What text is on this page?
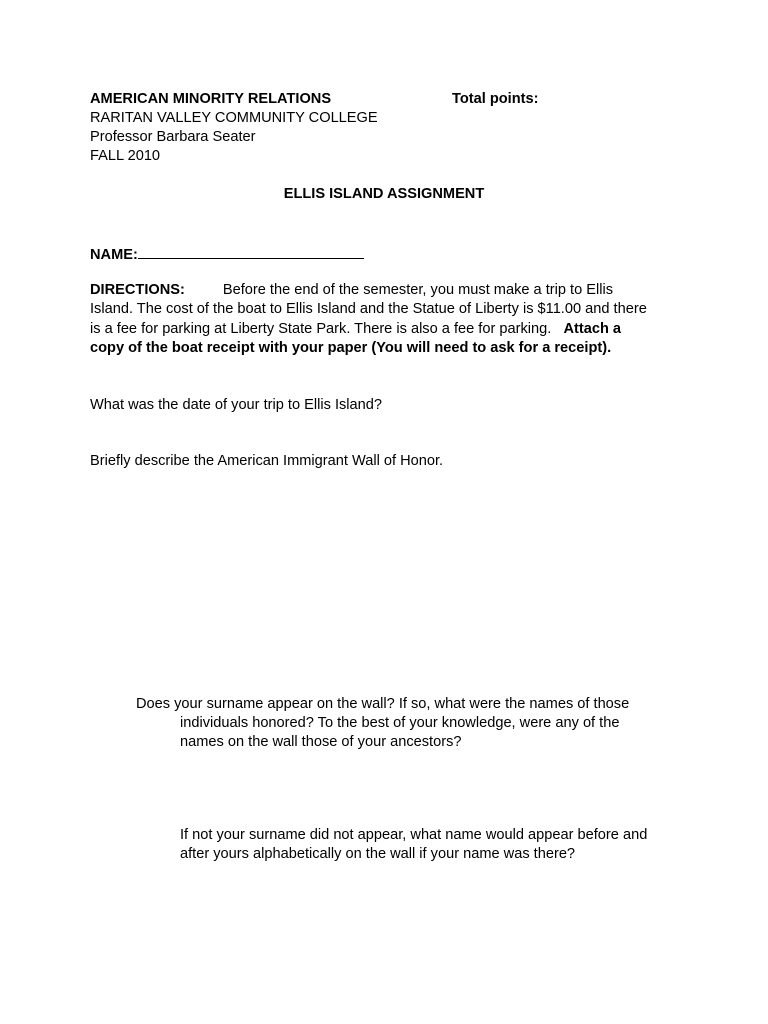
AMERICAN MINORITY RELATIONS	Total points:
RARITAN VALLEY COMMUNITY COLLEGE
Professor Barbara Seater
FALL 2010
ELLIS ISLAND ASSIGNMENT
NAME:
DIRECTIONS:	Before the end of the semester, you must make a trip to Ellis
Island. The cost of the boat to Ellis Island and the Statue of Liberty is $11.00 and there
is a fee for parking at Liberty State Park. There is also a fee for parking. Attach a
copy of the boat receipt with your paper (You will need to ask for a receipt).
What was the date of your trip to Ellis Island?
Briefly describe the American Immigrant Wall of Honor.
Does your surname appear on the wall? If so, what were the names of those
individuals honored? To the best of your knowledge, were any of the
names on the wall those of your ancestors?
If not your surname did not appear, what name would appear before and
after yours alphabetically on the wall if your name was there?
